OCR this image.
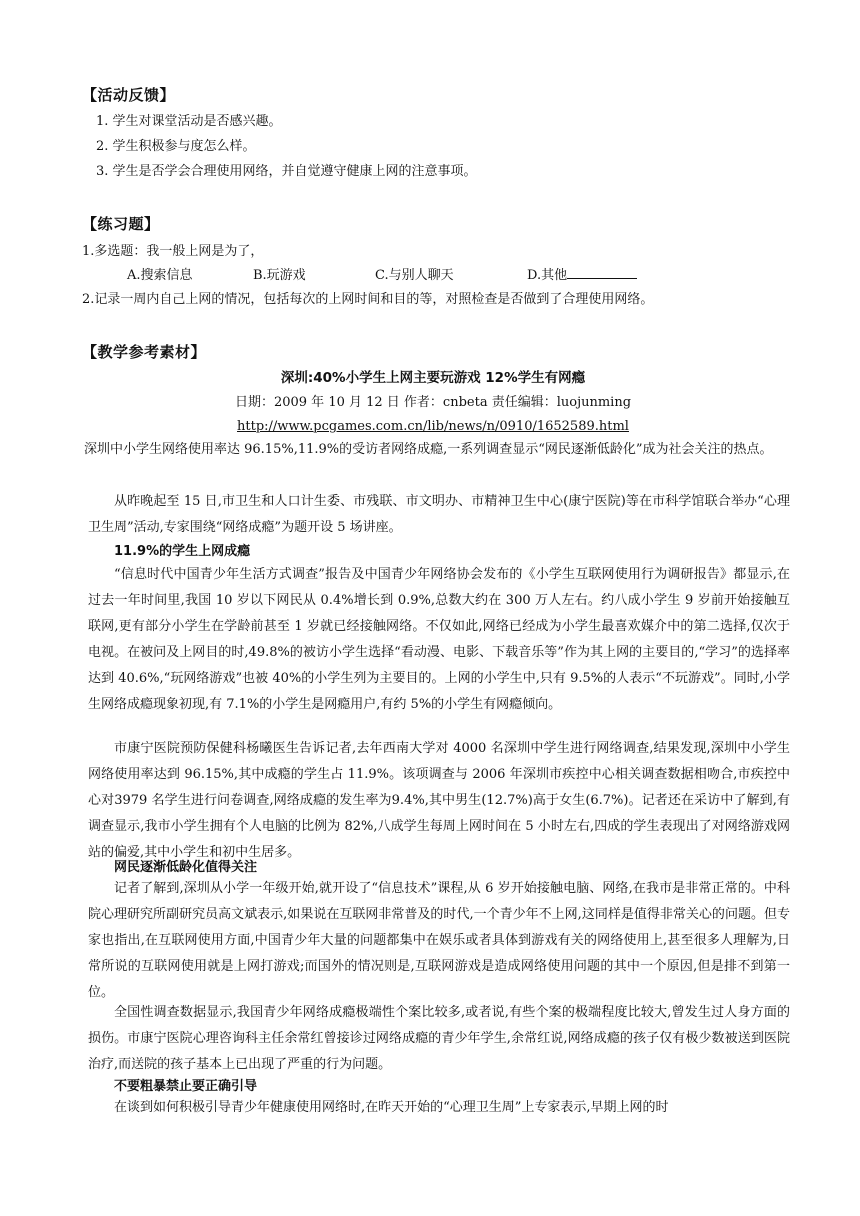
【活动反馈】
1. 学生对课堂活动是否感兴趣。
2. 学生积极参与度怎么样。
3. 学生是否学会合理使用网络，并自觉遵守健康上网的注意事项。
【练习题】
1.多选题：我一般上网是为了，
A.搜索信息	B.玩游戏	C.与别人聊天	D.其他
2.记录一周内自己上网的情况，包括每次的上网时间和目的等，对照检查是否做到了合理使用网络。
【教学参考素材】
深圳:40%小学生上网主要玩游戏 12%学生有网瘾
日期：2009 年 10 月 12 日 作者：cnbeta 责任编辑：luojunming
http://www.pcgames.com.cn/lib/news/n/0910/1652589.html
深圳中小学生网络使用率达 96.15%,11.9%的受访者网络成瘾,一系列调查显示“网民逐渐低龄化”成为社会关注的热点。
从昨晚起至 15 日,市卫生和人口计生委、市残联、市文明办、市精神卫生中心(康宁医院)等在市科学馆联合举办“心理卫生周”活动,专家围绕“网络成瘾”为题开设 5 场讲座。
11.9%的学生上网成瘾
“信息时代中国青少年生活方式调查”报告及中国青少年网络协会发布的《小学生互联网使用行为调研报告》都显示,在过去一年时间里,我国 10 岁以下网民从 0.4%增长到 0.9%,总数大约在 300 万人左右。约八成小学生 9 岁前开始接触互联网,更有部分小学生在学龄前甚至 1 岁就已经接触网络。不仅如此,网络已经成为小学生最喜欢媒介中的第二选择,仅次于电视。在被问及上网目的时,49.8%的被访小学生选择“看动漫、电影、下载音乐等”作为其上网的主要目的,“学习”的选择率达到 40.6%,“玩网络游戏”也被 40%的小学生列为主要目的。上网的小学生中,只有 9.5%的人表示“不玩游戏”。同时,小学生网络成瘾现象初现,有 7.1%的小学生是网瘾用户,有约 5%的小学生有网瘾倾向。
市康宁医院预防保健科杨曦医生告诉记者,去年西南大学对 4000 名深圳中学生进行网络调查,结果发现,深圳中小学生网络使用率达到 96.15%,其中成瘾的学生占 11.9%。该项调查与 2006 年深圳市疾控中心相关调查数据相吻合,市疾控中心对3979 名学生进行问卷调查,网络成瘾的发生率为9.4%,其中男生(12.7%)高于女生(6.7%)。记者还在采访中了解到,有调查显示,我市小学生拥有个人电脑的比例为 82%,八成学生每周上网时间在 5 小时左右,四成的学生表现出了对网络游戏网站的偏爱,其中小学生和初中生居多。
网民逐渐低龄化值得关注
记者了解到,深圳从小学一年级开始,就开设了“信息技术”课程,从 6 岁开始接触电脑、网络,在我市是非常正常的。中科院心理研究所副研究员高文斌表示,如果说在互联网非常普及的时代,一个青少年不上网,这同样是值得非常关心的问题。但专家也指出,在互联网使用方面,中国青少年大量的问题都集中在娱乐或者具体到游戏有关的网络使用上,甚至很多人理解为,日常所说的互联网使用就是上网打游戏;而国外的情况则是,互联网游戏是造成网络使用问题的其中一个原因,但是排不到第一位。
全国性调查数据显示,我国青少年网络成瘾极端性个案比较多,或者说,有些个案的极端程度比较大,曾发生过人身方面的损伤。市康宁医院心理咨询科主任余常红曾接诊过网络成瘾的青少年学生,余常红说,网络成瘾的孩子仅有极少数被送到医院治疗,而送院的孩子基本上已出现了严重的行为问题。
不要粗暴禁止要正确引导
在谈到如何积极引导青少年健康使用网络时,在昨天开始的“心理卫生周”上专家表示,早期上网的时
